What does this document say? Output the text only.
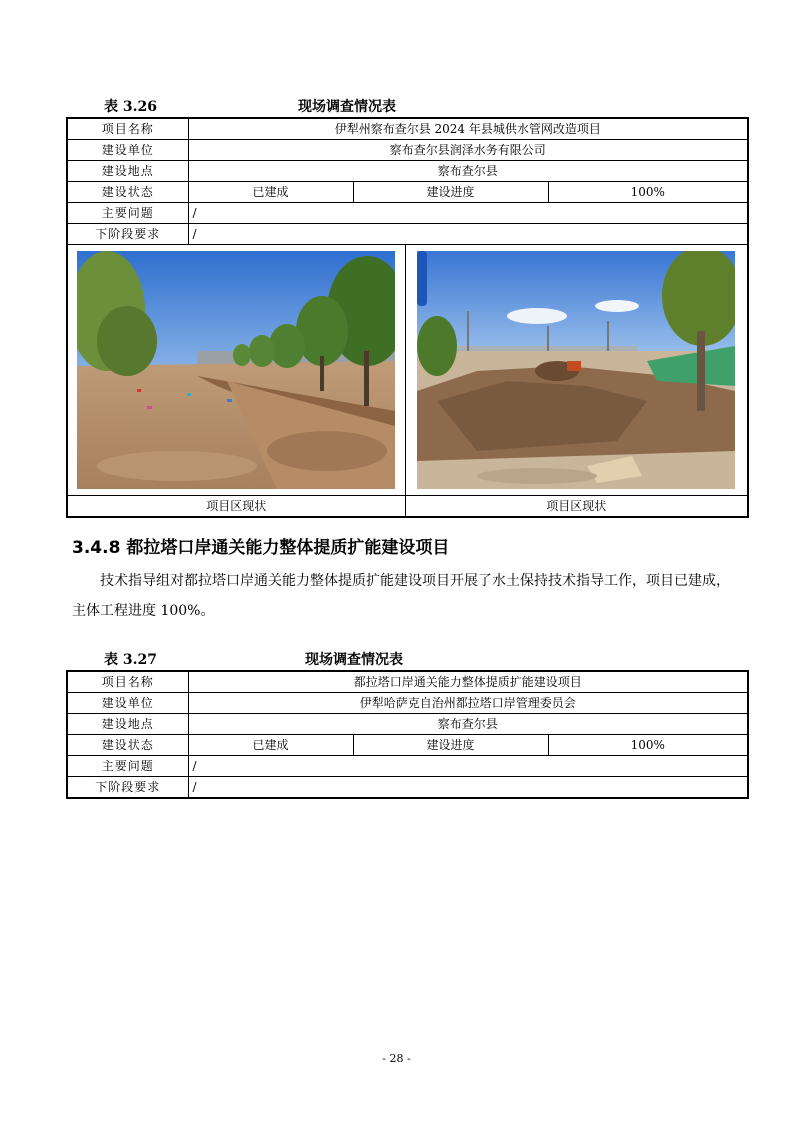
表 3.26	现场调查情况表
项目名称	伊犁州察布查尔县 2024 年县城供水管网改造项目			
建设单位	察布查尔县润泽水务有限公司			
建设地点	察布查尔县			
建设状态	已建成	建设进度		100%
主要问题	/			
下阶段要求	/			

项目区现状			项目区现状	
3.4.8 都拉塔口岸通关能力整体提质扩能建设项目

技术指导组对都拉塔口岸通关能力整体提质扩能建设项目开展了水土保持技术指导工作，项目已建成，主体工程进度 100%。

表 3.27	现场调查情况表
项目名称	都拉塔口岸通关能力整体提质扩能建设项目		
建设单位	伊犁哈萨克自治州都拉塔口岸管理委员会		
建设地点	察布查尔县		
建设状态	已建成	建设进度	100%
主要问题	/		
下阶段要求	/		
- 28 -
